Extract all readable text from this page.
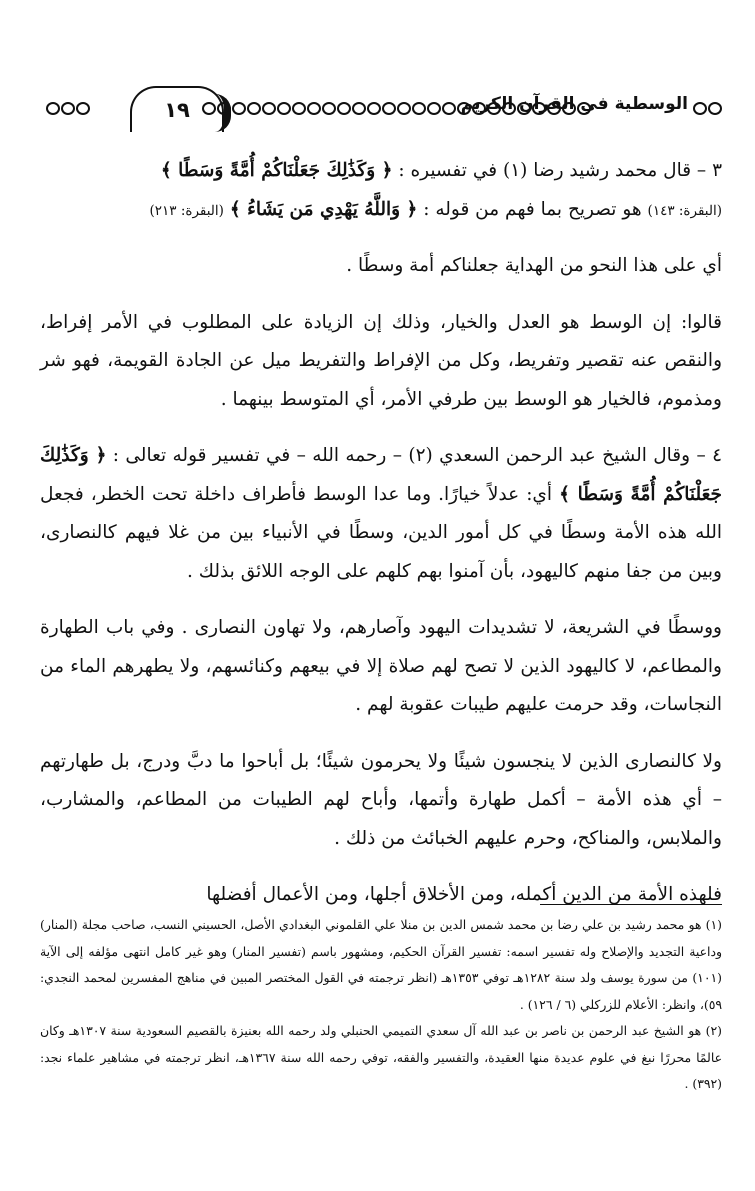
١٩	الوسطية في القرآن الكريم

٣ – قال محمد رشيد رضا (١) في تفسيره : ﴿ وَكَذَٰلِكَ جَعَلْنَاكُمْ أُمَّةً وَسَطًا ﴾
(البقرة: ١٤٣) هو تصريح بما فهم من قوله : ﴿ وَاللَّهُ يَهْدِي مَن يَشَاءُ ﴾ (البقرة: ٢١٣)

أي على هذا النحو من الهداية جعلناكم أمة وسطًا .

قالوا: إن الوسط هو العدل والخيار، وذلك إن الزيادة على المطلوب في الأمر إفراط، والنقص عنه تقصير وتفريط، وكل من الإفراط والتفريط ميل عن الجادة القويمة، فهو شر ومذموم، فالخيار هو الوسط بين طرفي الأمر، أي المتوسط بينهما .

٤ – وقال الشيخ عبد الرحمن السعدي (٢) – رحمه الله – في تفسير قوله تعالى : ﴿ وَكَذَٰلِكَ جَعَلْنَاكُمْ أُمَّةً وَسَطًا ﴾ أي: عدلاً خيارًا. وما عدا الوسط فأطراف داخلة تحت الخطر، فجعل الله هذه الأمة وسطًا في كل أمور الدين، وسطًا في الأنبياء بين من غلا فيهم كالنصارى، وبين من جفا منهم كاليهود، بأن آمنوا بهم كلهم على الوجه اللائق بذلك .

ووسطًا في الشريعة، لا تشديدات اليهود وآصارهم، ولا تهاون النصارى . وفي باب الطهارة والمطاعم، لا كاليهود الذين لا تصح لهم صلاة إلا في بيعهم وكنائسهم، ولا يطهرهم الماء من النجاسات، وقد حرمت عليهم طيبات عقوبة لهم .

ولا كالنصارى الذين لا ينجسون شيئًا ولا يحرمون شيئًا؛ بل أباحوا ما دبَّ ودرج، بل طهارتهم – أي هذه الأمة – أكمل طهارة وأتمها، وأباح لهم الطيبات من المطاعم، والمشارب، والملابس، والمناكح، وحرم عليهم الخبائث من ذلك .

فلهذه الأمة من الدين أكمله، ومن الأخلاق أجلها، ومن الأعمال أفضلها

(١) هو محمد رشيد بن علي رضا بن محمد شمس الدين بن منلا علي القلموني البغدادي الأصل، الحسيني النسب، صاحب مجلة (المنار) وداعية التجديد والإصلاح وله تفسير اسمه: تفسير القرآن الحكيم، ومشهور باسم (تفسير المنار) وهو غير كامل انتهى مؤلفه إلى الآية (١٠١) من سورة يوسف ولد سنة ١٢٨٢هـ توفي ١٣٥٣هـ (انظر ترجمته في القول المختصر المبين في مناهج المفسرين لمحمد النجدي: ٥٩)، وانظر: الأعلام للزركلي (٦ / ١٢٦) .

(٢) هو الشيخ عبد الرحمن بن ناصر بن عبد الله آل سعدي التميمي الحنبلي ولد رحمه الله بعنيزة بالقصيم السعودية سنة ١٣٠٧هـ وكان عالمًا محررًا نبغ في علوم عديدة منها العقيدة، والتفسير والفقه، توفي رحمه الله سنة ١٣٦٧هـ، انظر ترجمته في مشاهير علماء نجد: (٣٩٢) .
